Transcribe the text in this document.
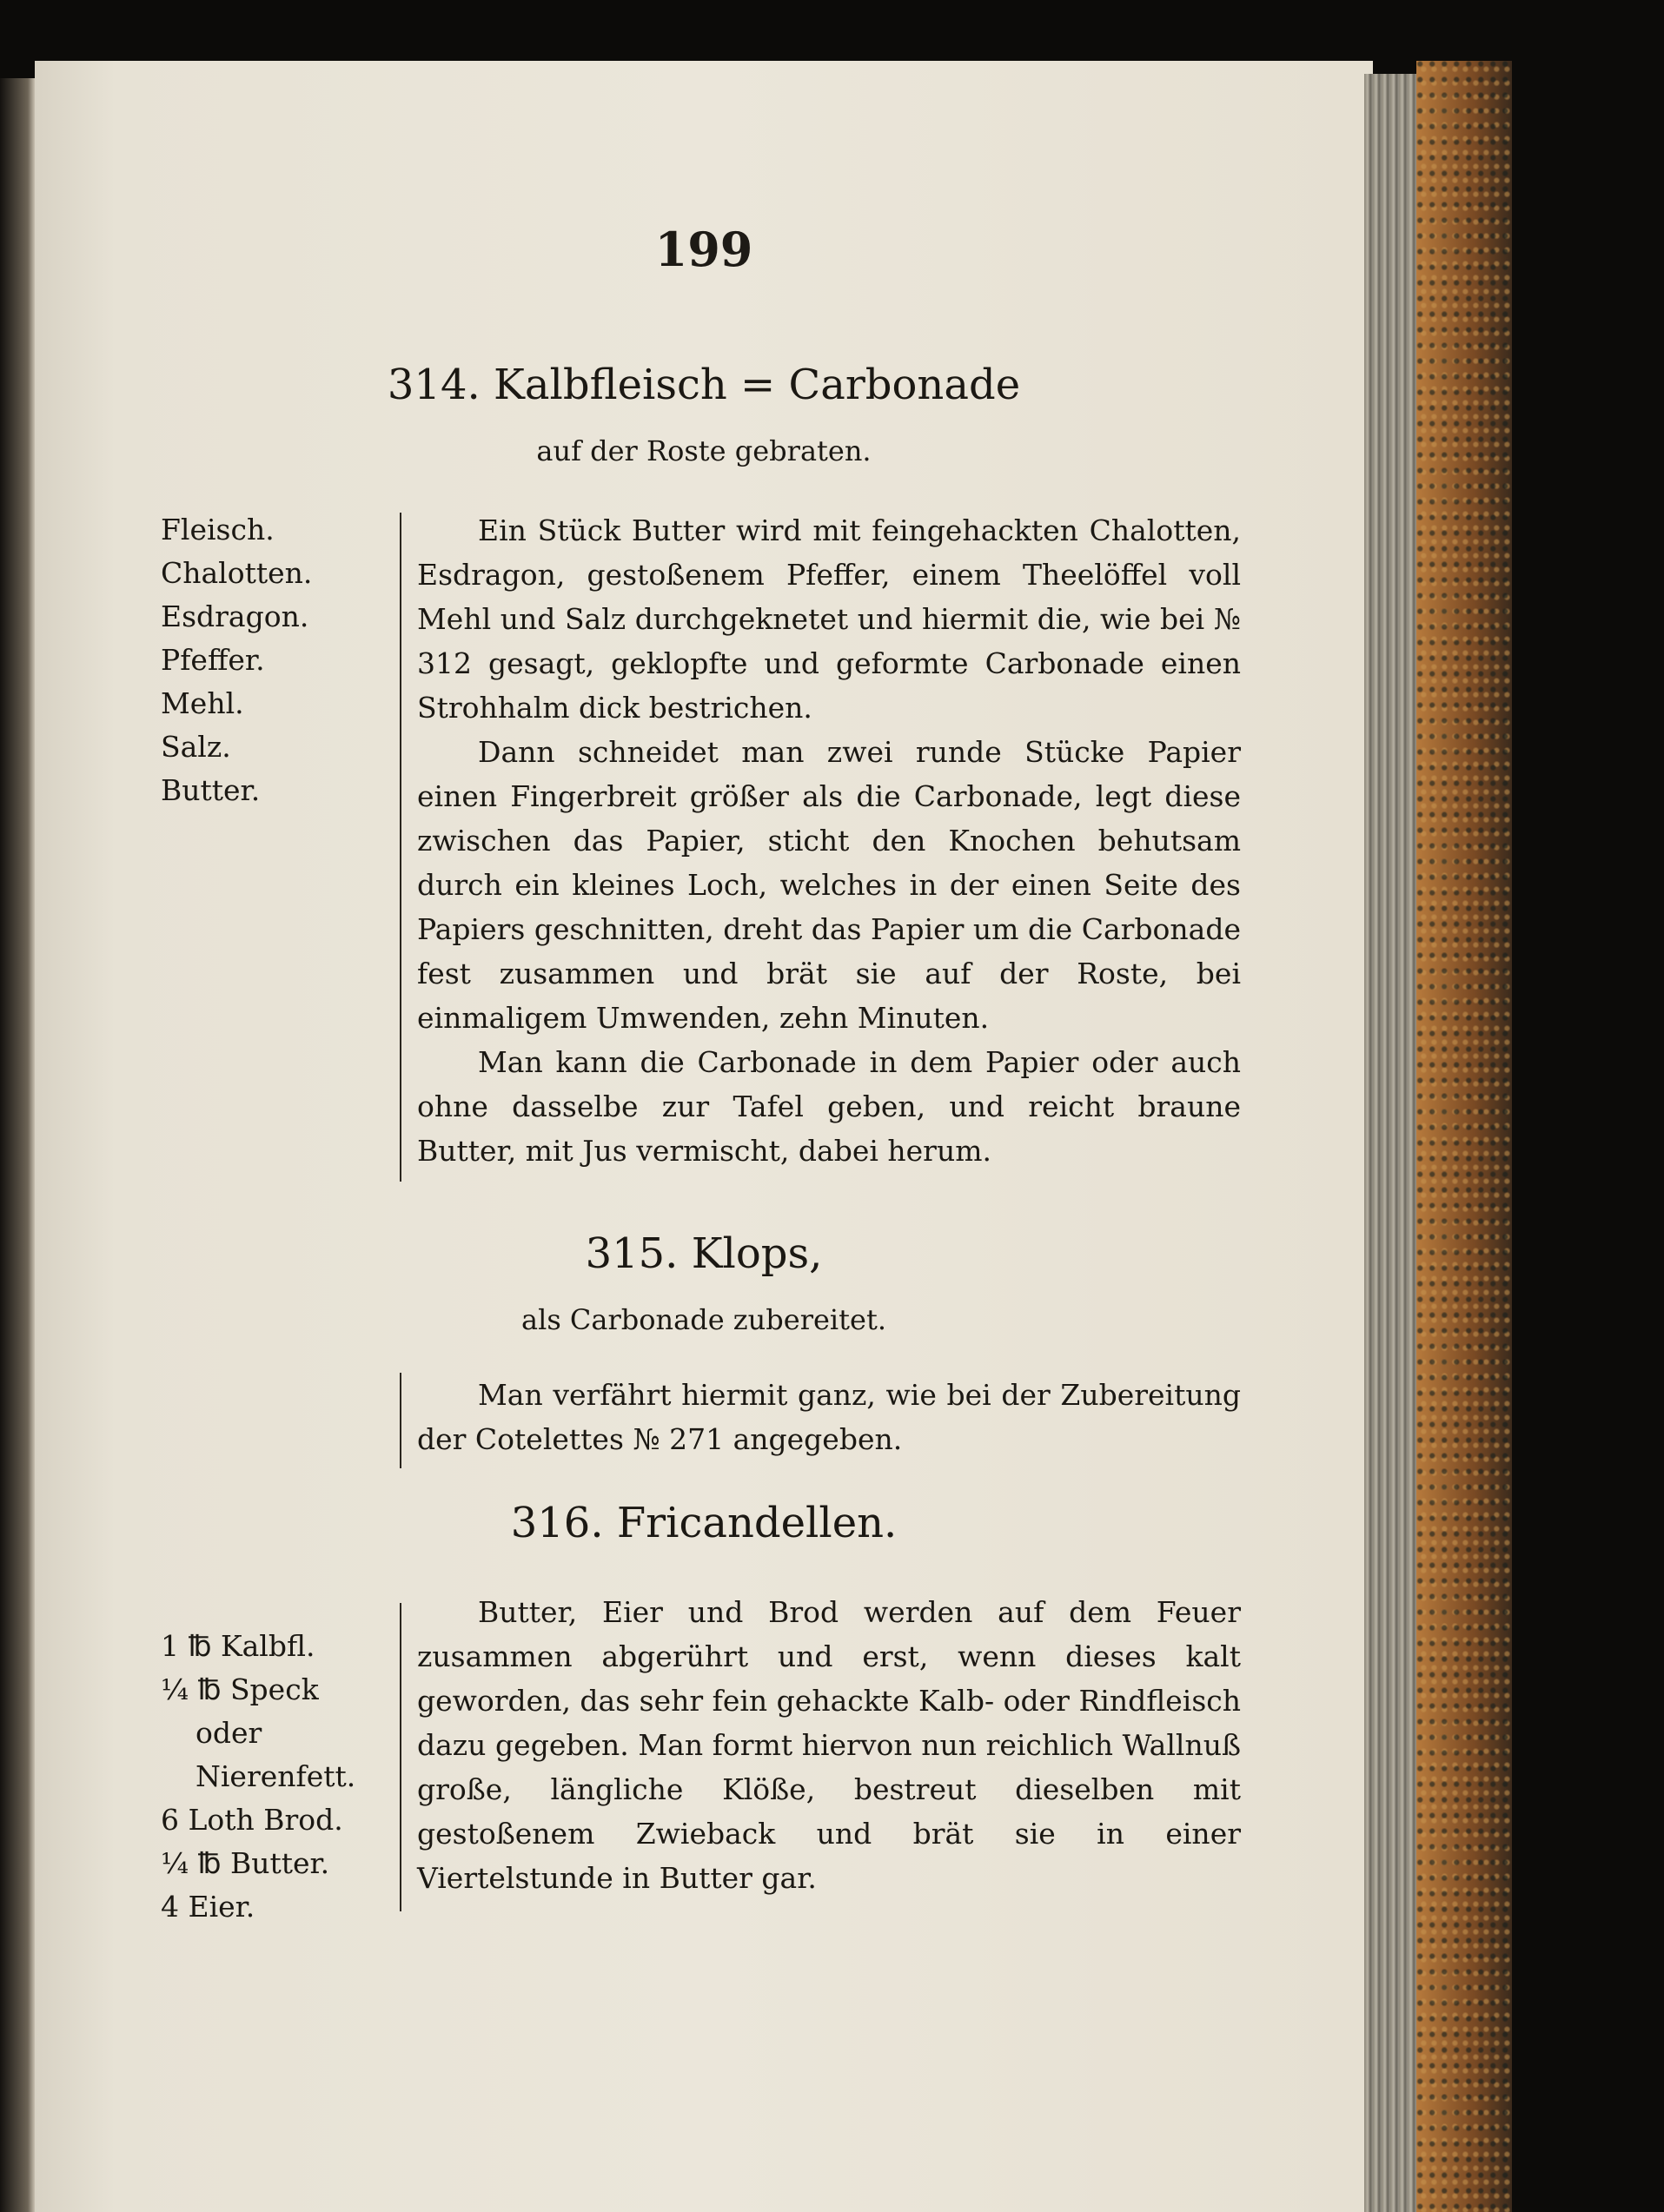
199
314. Kalbfleisch = Carbonade
auf der Roste gebraten.
Fleisch.
Chalotten.
Esdragon.
Pfeffer.
Mehl.
Salz.
Butter.

Ein Stück Butter wird mit feingehackten Chalotten, Esdragon, gestoßenem Pfeffer, einem Theelöffel voll Mehl und Salz durchgeknetet und hiermit die, wie bei № 312 gesagt, geklopfte und geformte Carbonade einen Strohhalm dick bestrichen.

Dann schneidet man zwei runde Stücke Papier einen Fingerbreit größer als die Carbonade, legt diese zwischen das Papier, sticht den Knochen behutsam durch ein kleines Loch, welches in der einen Seite des Papiers geschnitten, dreht das Papier um die Carbonade fest zusammen und brät sie auf der Roste, bei einmaligem Umwenden, zehn Minuten.

Man kann die Carbonade in dem Papier oder auch ohne dasselbe zur Tafel geben, und reicht braune Butter, mit Jus vermischt, dabei herum.

315. Klops,
als Carbonade zubereitet.

Man verfährt hiermit ganz, wie bei der Zubereitung der Cotelettes № 271 angegeben.

316. Fricandellen.
1 ℔ Kalbfl.
¼ ℔ Speck
oder
Nierenfett.
6 Loth Brod.
¼ ℔ Butter.
4 Eier.

Butter, Eier und Brod werden auf dem Feuer zusammen abgerührt und erst, wenn dieses kalt geworden, das sehr fein gehackte Kalb- oder Rindfleisch dazu gegeben. Man formt hiervon nun reichlich Wallnuß große, längliche Klöße, bestreut dieselben mit gestoßenem Zwieback und brät sie in einer Viertelstunde in Butter gar.
